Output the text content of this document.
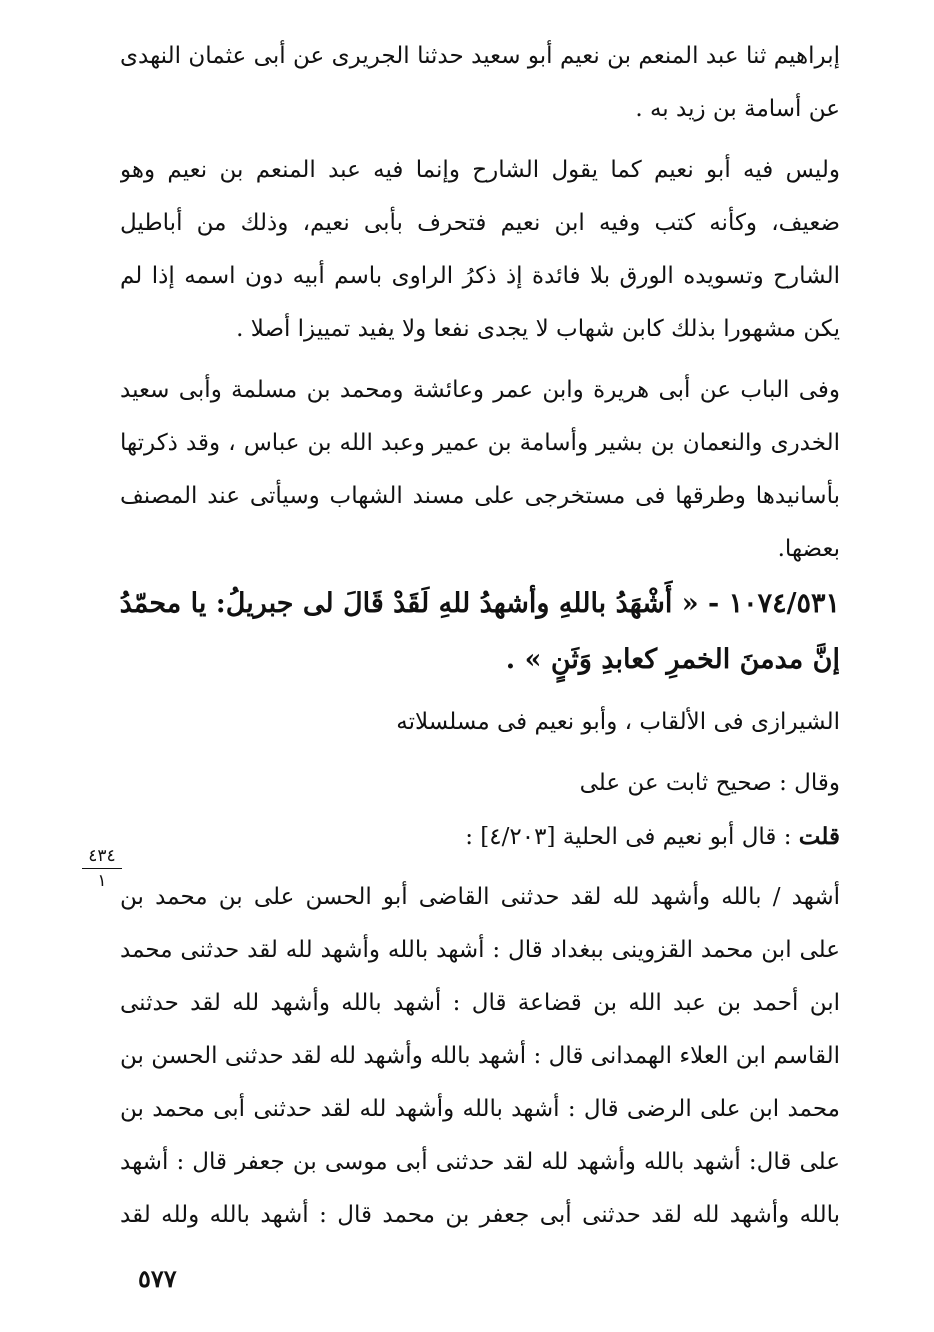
إبراهيم ثنا عبد المنعم بن نعيم أبو سعيد حدثنا الجريرى عن أبى عثمان النهدى
عن أسامة بن زيد به .
وليس فيه أبو نعيم كما يقول الشارح وإنما فيه عبد المنعم بن نعيم وهو
ضعيف، وكأنه كتب وفيه ابن نعيم فتحرف بأبى نعيم، وذلك من أباطيل
الشارح وتسويده الورق بلا فائدة إذ ذكرُ الراوى باسم أبيه دون اسمه إذا لم
يكن مشهورا بذلك كابن شهاب لا يجدى نفعا ولا يفيد تمييزا أصلا .
وفى الباب عن أبى هريرة وابن عمر وعائشة ومحمد بن مسلمة وأبى سعيد
الخدرى والنعمان بن بشير وأسامة بن عمير وعبد الله بن عباس ، وقد ذكرتها
بأسانيدها وطرقها فى مستخرجى على مسند الشهاب وسيأتى عند المصنف
بعضها.
١٠٧٤/٥٣١ - « أَشْهَدُ باللهِ وأشهدُ للهِ لَقَدْ قَالَ لى جبريلُ: يا محمّدُ
إنَّ مدمنَ الخمرِ كعابدِ وَثَنٍ » .
الشيرازى فى الألقاب ، وأبو نعيم فى مسلسلاته
وقال : صحيح ثابت عن على
قلت : قال أبو نعيم فى الحلية [٤/٢٠٣] :
أشهد / بالله وأشهد لله لقد حدثنى القاضى أبو الحسن على بن محمد بن
على ابن محمد القزوينى ببغداد قال : أشهد بالله وأشهد لله لقد حدثنى محمد
ابن أحمد بن عبد الله بن قضاعة قال : أشهد بالله وأشهد لله لقد حدثنى
القاسم ابن العلاء الهمدانى قال : أشهد بالله وأشهد لله لقد حدثنى الحسن بن
محمد ابن على الرضى قال : أشهد بالله وأشهد لله لقد حدثنى أبى محمد بن
على قال: أشهد بالله وأشهد لله لقد حدثنى أبى موسى بن جعفر قال : أشهد
بالله وأشهد لله لقد حدثنى أبى جعفر بن محمد قال : أشهد بالله ولله لقد
٤٣٤
١
٥٧٧
